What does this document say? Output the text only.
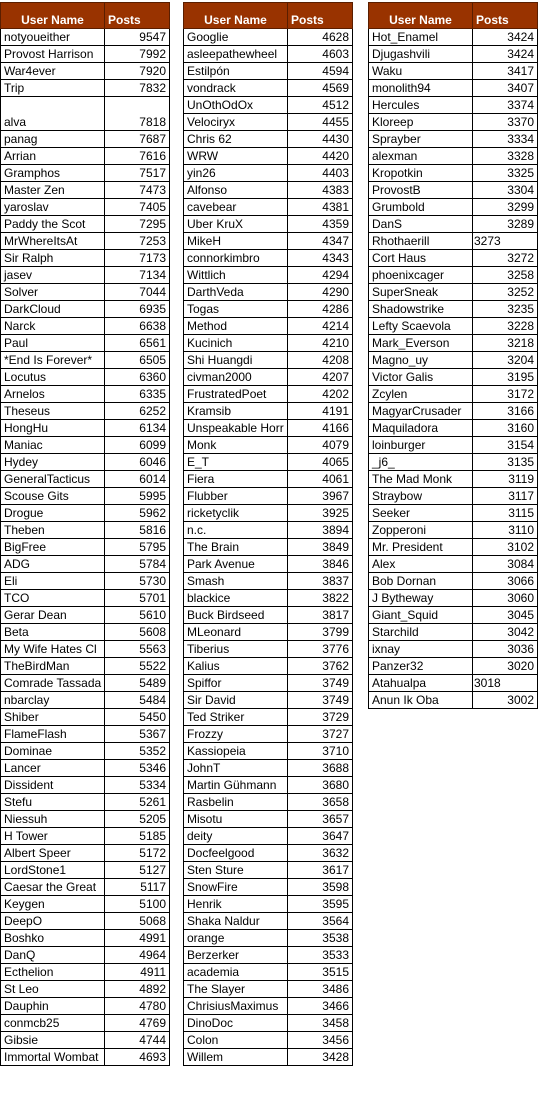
User Name	Posts
notyoueither	9547
Provost Harrison	7992
War4ever	7920
Trip	7832
alva	7818
panag	7687
Arrian	7616
Gramphos	7517
Master Zen	7473
yaroslav	7405
Paddy the Scot	7295
MrWhereItsAt	7253
Sir Ralph	7173
jasev	7134
Solver	7044
DarkCloud	6935
Narck	6638
Paul	6561
*End Is Forever*	6505
Locutus	6360
Arnelos	6335
Theseus	6252
HongHu	6134
Maniac	6099
Hydey	6046
GeneralTacticus	6014
Scouse Gits	5995
Drogue	5962
Theben	5816
BigFree	5795
ADG	5784
Eli	5730
TCO	5701
Gerar Dean	5610
Beta	5608
My Wife Hates Cl	5563
TheBirdMan	5522
Comrade Tassada	5489
nbarclay	5484
Shiber	5450
FlameFlash	5367
Dominae	5352
Lancer	5346
Dissident	5334
Stefu	5261
Niessuh	5205
H Tower	5185
Albert Speer	5172
LordStone1	5127
Caesar the Great	5117
Keygen	5100
DeepO	5068
Boshko	4991
DanQ	4964
Ecthelion	4911
St Leo	4892
Dauphin	4780
conmcb25	4769
Gibsie	4744
Immortal Wombat	4693
User Name	Posts
Googlie	4628
asleepathewheel	4603
Estilpón	4594
vondrack	4569
UnOthOdOx	4512
Velociryx	4455
Chris 62	4430
WRW	4420
yin26	4403
Alfonso	4383
cavebear	4381
Uber KruX	4359
MikeH	4347
connorkimbro	4343
Wittlich	4294
DarthVeda	4290
Togas	4286
Method	4214
Kucinich	4210
Shi Huangdi	4208
civman2000	4207
FrustratedPoet	4202
Kramsib	4191
Unspeakable Horr	4166
Monk	4079
E_T	4065
Fiera	4061
Flubber	3967
ricketyclik	3925
n.c.	3894
The Brain	3849
Park Avenue	3846
Smash	3837
blackice	3822
Buck Birdseed	3817
MLeonard	3799
Tiberius	3776
Kalius	3762
Spiffor	3749
Sir David	3749
Ted Striker	3729
Frozzy	3727
Kassiopeia	3710
JohnT	3688
Martin Gühmann	3680
Rasbelin	3658
Misotu	3657
deity	3647
Docfeelgood	3632
Sten Sture	3617
SnowFire	3598
Henrik	3595
Shaka Naldur	3564
orange	3538
Berzerker	3533
academia	3515
The Slayer	3486
ChrisiusMaximus	3466
DinoDoc	3458
Colon	3456
Willem	3428
User Name	Posts
Hot_Enamel	3424
Djugashvili	3424
Waku	3417
monolith94	3407
Hercules	3374
Kloreep	3370
Sprayber	3334
alexman	3328
Kropotkin	3325
ProvostB	3304
Grumbold	3299
DanS	3289
Rhothaerill	3273
Cort Haus	3272
phoenixcager	3258
SuperSneak	3252
Shadowstrike	3235
Lefty Scaevola	3228
Mark_Everson	3218
Magno_uy	3204
Victor Galis	3195
Zcylen	3172
MagyarCrusader	3166
Maquiladora	3160
loinburger	3154
_j6_	3135
The Mad Monk	3119
Straybow	3117
Seeker	3115
Zopperoni	3110
Mr. President	3102
Alex	3084
Bob Dornan	3066
J Bytheway	3060
Giant_Squid	3045
Starchild	3042
ixnay	3036
Panzer32	3020
Atahualpa	3018
Anun Ik Oba	3002
